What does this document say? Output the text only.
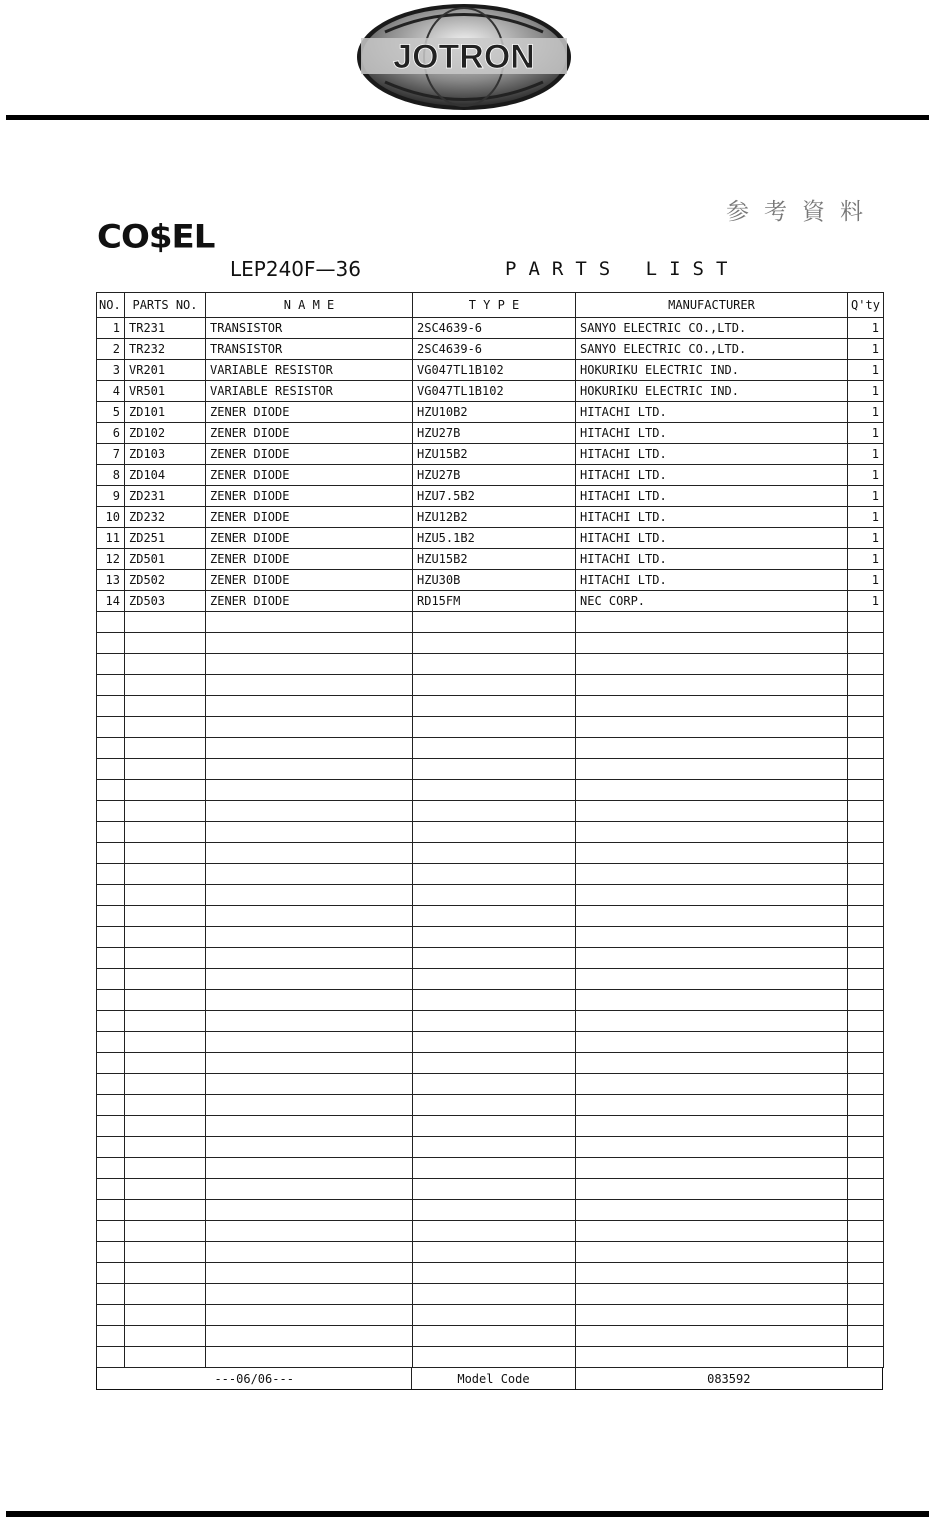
JOTRON
参考資料
CO$EL
LEP240F—36	PARTS LIST
NO.	PARTS NO.	N A M E	T Y P E	MANUFACTURER	Q'ty
1	TR231	TRANSISTOR	2SC4639-6	SANYO ELECTRIC CO.,LTD.	1
2	TR232	TRANSISTOR	2SC4639-6	SANYO ELECTRIC CO.,LTD.	1
3	VR201	VARIABLE RESISTOR	VG047TL1B102	HOKURIKU ELECTRIC IND.	1
4	VR501	VARIABLE RESISTOR	VG047TL1B102	HOKURIKU ELECTRIC IND.	1
5	ZD101	ZENER DIODE	HZU10B2	HITACHI LTD.	1
6	ZD102	ZENER DIODE	HZU27B	HITACHI LTD.	1
7	ZD103	ZENER DIODE	HZU15B2	HITACHI LTD.	1
8	ZD104	ZENER DIODE	HZU27B	HITACHI LTD.	1
9	ZD231	ZENER DIODE	HZU7.5B2	HITACHI LTD.	1
10	ZD232	ZENER DIODE	HZU12B2	HITACHI LTD.	1
11	ZD251	ZENER DIODE	HZU5.1B2	HITACHI LTD.	1
12	ZD501	ZENER DIODE	HZU15B2	HITACHI LTD.	1
13	ZD502	ZENER DIODE	HZU30B	HITACHI LTD.	1
14	ZD503	ZENER DIODE	RD15FM	NEC CORP.	1

---06/06---	Model Code	083592
